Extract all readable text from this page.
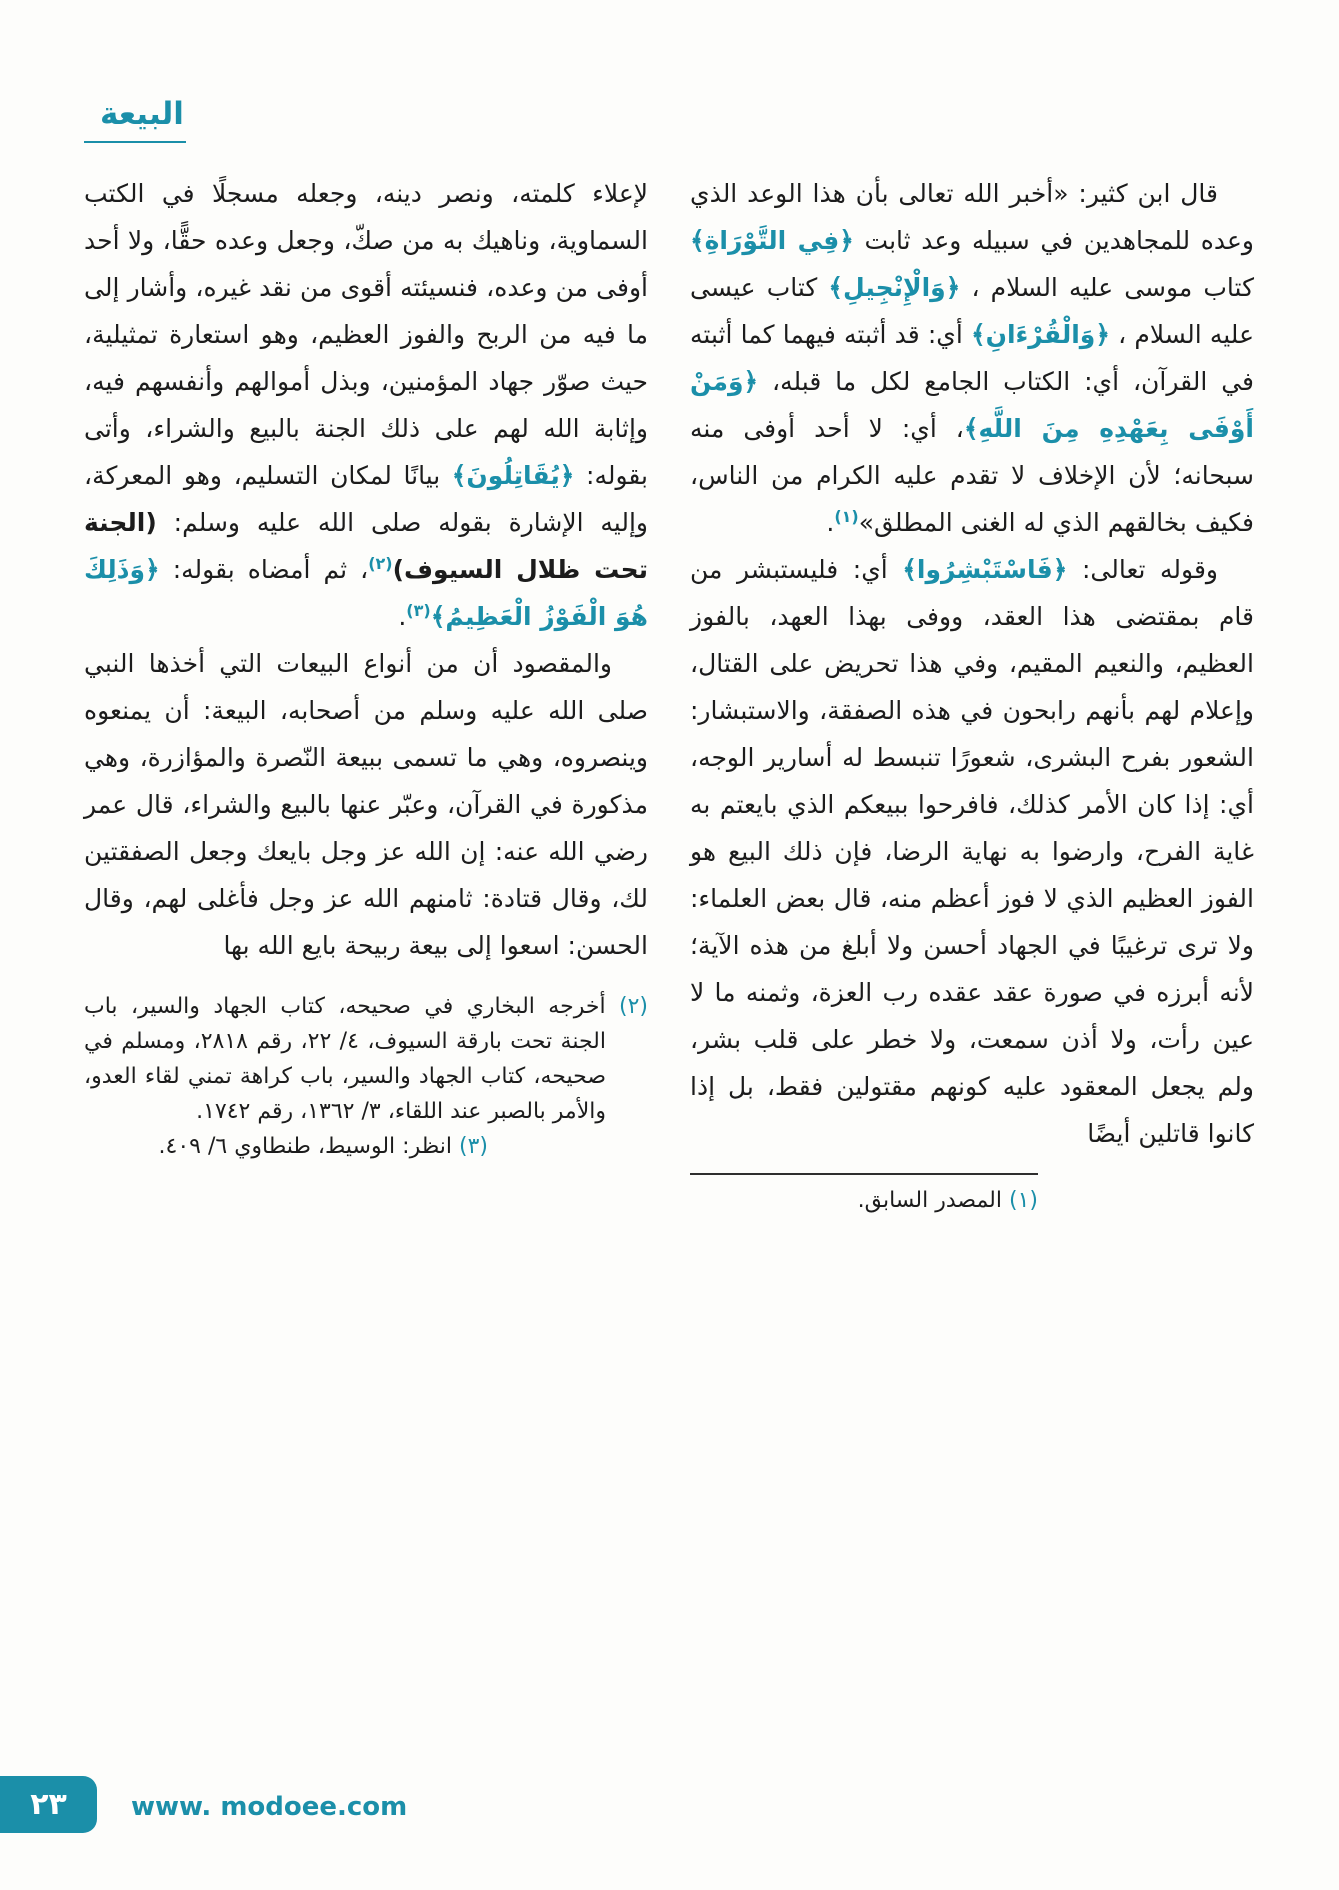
البيعة

قال ابن كثير: «أخبر الله تعالى بأن هذا الوعد الذي وعده للمجاهدين في سبيله وعد ثابت ﴿فِي التَّوْرَاةِ﴾ كتاب موسى عليه السلام ، ﴿وَالْإِنْجِيلِ﴾ كتاب عيسى عليه السلام ، ﴿وَالْقُرْءَانِ﴾ أي: قد أثبته فيهما كما أثبته في القرآن، أي: الكتاب الجامع لكل ما قبله، ﴿وَمَنْ أَوْفَى بِعَهْدِهِ مِنَ اللَّهِ﴾، أي: لا أحد أوفى منه سبحانه؛ لأن الإخلاف لا تقدم عليه الكرام من الناس، فكيف بخالقهم الذي له الغنى المطلق»$^{(١)}$.

وقوله تعالى: ﴿فَاسْتَبْشِرُوا﴾ أي: فليستبشر من قام بمقتضى هذا العقد، ووفى بهذا العهد، بالفوز العظيم، والنعيم المقيم، وفي هذا تحريض على القتال، وإعلام لهم بأنهم رابحون في هذه الصفقة، والاستبشار: الشعور بفرح البشرى، شعورًا تنبسط له أسارير الوجه، أي: إذا كان الأمر كذلك، فافرحوا ببيعكم الذي بايعتم به غاية الفرح، وارضوا به نهاية الرضا، فإن ذلك البيع هو الفوز العظيم الذي لا فوز أعظم منه، قال بعض العلماء: ولا ترى ترغيبًا في الجهاد أحسن ولا أبلغ من هذه الآية؛ لأنه أبرزه في صورة عقد عقده رب العزة، وثمنه ما لا عين رأت، ولا أذن سمعت، ولا خطر على قلب بشر، ولم يجعل المعقود عليه كونهم مقتولين فقط، بل إذا كانوا قاتلين أيضًا

(١) المصدر السابق.

لإعلاء كلمته، ونصر دينه، وجعله مسجلًا في الكتب السماوية، وناهيك به من صكّ، وجعل وعده حقًّا، ولا أحد أوفى من وعده، فنسيئته أقوى من نقد غيره، وأشار إلى ما فيه من الربح والفوز العظيم، وهو استعارة تمثيلية، حيث صوّر جهاد المؤمنين، وبذل أموالهم وأنفسهم فيه، وإثابة الله لهم على ذلك الجنة بالبيع والشراء، وأتى بقوله: ﴿يُقَاتِلُونَ﴾ بيانًا لمكان التسليم، وهو المعركة، وإليه الإشارة بقوله صلى الله عليه وسلم: (الجنة تحت ظلال السيوف)$^{(٢)}$، ثم أمضاه بقوله: ﴿وَذَلِكَ هُوَ الْفَوْزُ الْعَظِيمُ﴾$^{(٣)}$.

والمقصود أن من أنواع البيعات التي أخذها النبي صلى الله عليه وسلم من أصحابه، البيعة: أن يمنعوه وينصروه، وهي ما تسمى ببيعة النّصرة والمؤازرة، وهي مذكورة في القرآن، وعبّر عنها بالبيع والشراء، قال عمر رضي الله عنه: إن الله عز وجل بايعك وجعل الصفقتين لك، وقال قتادة: ثامنهم الله عز وجل فأغلى لهم، وقال الحسن: اسعوا إلى بيعة ربيحة بايع الله بها

(٢) أخرجه البخاري في صحيحه، كتاب الجهاد والسير، باب الجنة تحت بارقة السيوف، ٤/ ٢٢، رقم ٢٨١٨، ومسلم في صحيحه، كتاب الجهاد والسير، باب كراهة تمني لقاء العدو، والأمر بالصبر عند اللقاء، ٣/ ١٣٦٢، رقم ١٧٤٢.

(٣) انظر: الوسيط، طنطاوي ٦/ ٤٠٩.

٢٣ www. modoee.com
